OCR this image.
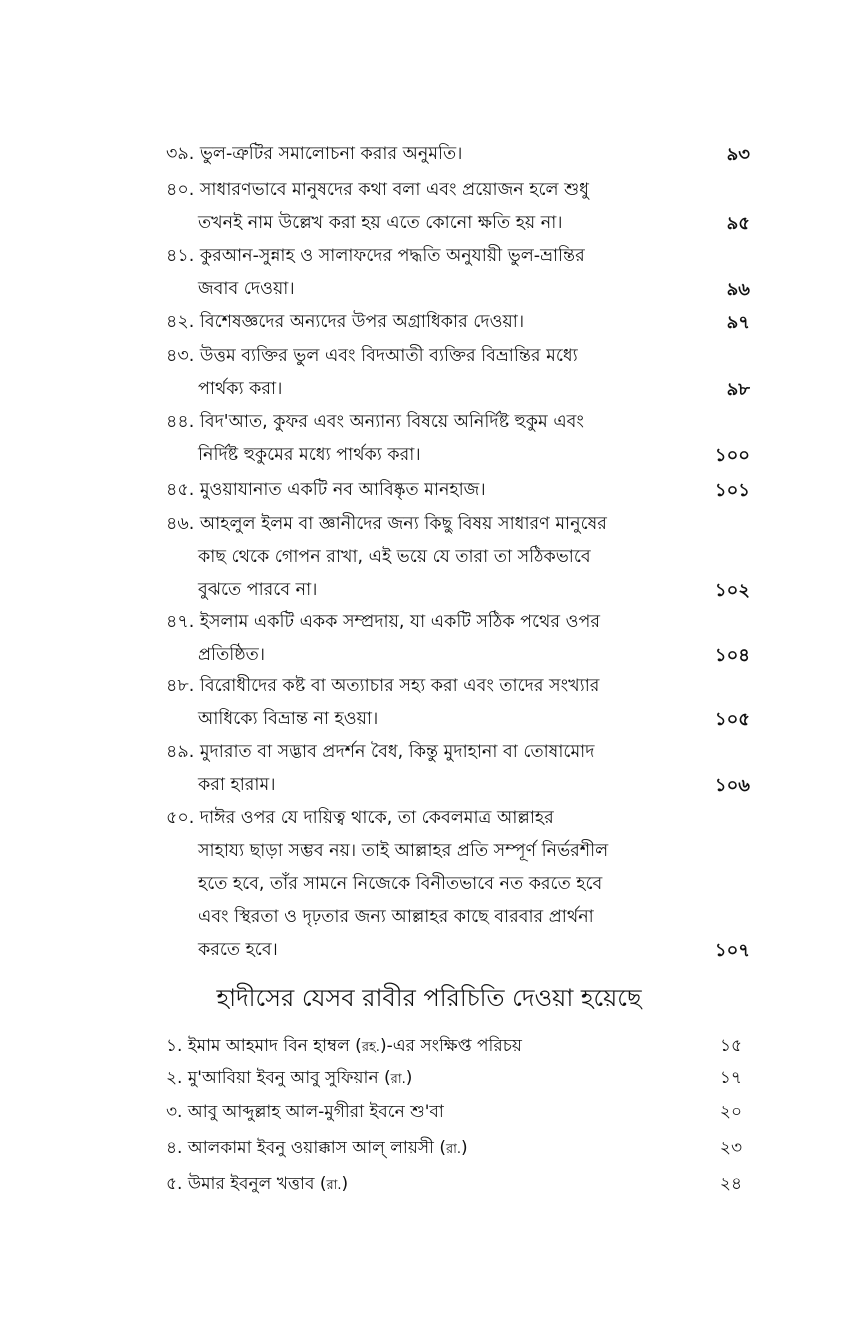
৩৯. ভুল-ত্রুটির সমালোচনা করার অনুমতি।	৯৩
৪০. সাধারণভাবে মানুষদের কথা বলা এবং প্রয়োজন হলে শুধু
তখনই নাম উল্লেখ করা হয় এতে কোনো ক্ষতি হয় না।	৯৫
৪১. কুরআন-সুন্নাহ ও সালাফদের পদ্ধতি অনুযায়ী ভুল-ভ্রান্তির
জবাব দেওয়া।	৯৬
৪২. বিশেষজ্ঞদের অন্যদের উপর অগ্রাধিকার দেওয়া।	৯৭
৪৩. উত্তম ব্যক্তির ভুল এবং বিদআতী ব্যক্তির বিভ্রান্তির মধ্যে
পার্থক্য করা।	৯৮
৪৪. বিদ'আত, কুফর এবং অন্যান্য বিষয়ে অনির্দিষ্ট হুকুম এবং
নির্দিষ্ট হুকুমের মধ্যে পার্থক্য করা।	১০০
৪৫. মুওয়াযানাত একটি নব আবিষ্কৃত মানহাজ।	১০১
৪৬. আহলুল ইলম বা জ্ঞানীদের জন্য কিছু বিষয় সাধারণ মানুষের
কাছ থেকে গোপন রাখা, এই ভয়ে যে তারা তা সঠিকভাবে
বুঝতে পারবে না।	১০২
৪৭. ইসলাম একটি একক সম্প্রদায়, যা একটি সঠিক পথের ওপর
প্রতিষ্ঠিত।	১০৪
৪৮. বিরোধীদের কষ্ট বা অত্যাচার সহ্য করা এবং তাদের সংখ্যার
আধিক্যে বিভ্রান্ত না হওয়া।	১০৫
৪৯. মুদারাত বা সদ্ভাব প্রদর্শন বৈধ, কিন্তু মুদাহানা বা তোষামোদ
করা হারাম।	১০৬
৫০. দাঈর ওপর যে দায়িত্ব থাকে, তা কেবলমাত্র আল্লাহর
সাহায্য ছাড়া সম্ভব নয়। তাই আল্লাহর প্রতি সম্পূর্ণ নির্ভরশীল
হতে হবে, তাঁর সামনে নিজেকে বিনীতভাবে নত করতে হবে
এবং স্থিরতা ও দৃঢ়তার জন্য আল্লাহর কাছে বারবার প্রার্থনা
করতে হবে।	১০৭
হাদীসের যেসব রাবীর পরিচিতি দেওয়া হয়েছে
১. ইমাম আহমাদ বিন হাম্বল (রহ.)-এর সংক্ষিপ্ত পরিচয়	১৫
২. মু'আবিয়া ইবনু আবু সুফিয়ান (রা.)	১৭
৩. আবু আব্দুল্লাহ আল-মুগীরা ইবনে শু'বা	২০
৪. আলকামা ইবনু ওয়াক্কাস আল্ লায়সী (রা.)	২৩
৫. উমার ইবনুল খত্তাব (রা.)	২৪
